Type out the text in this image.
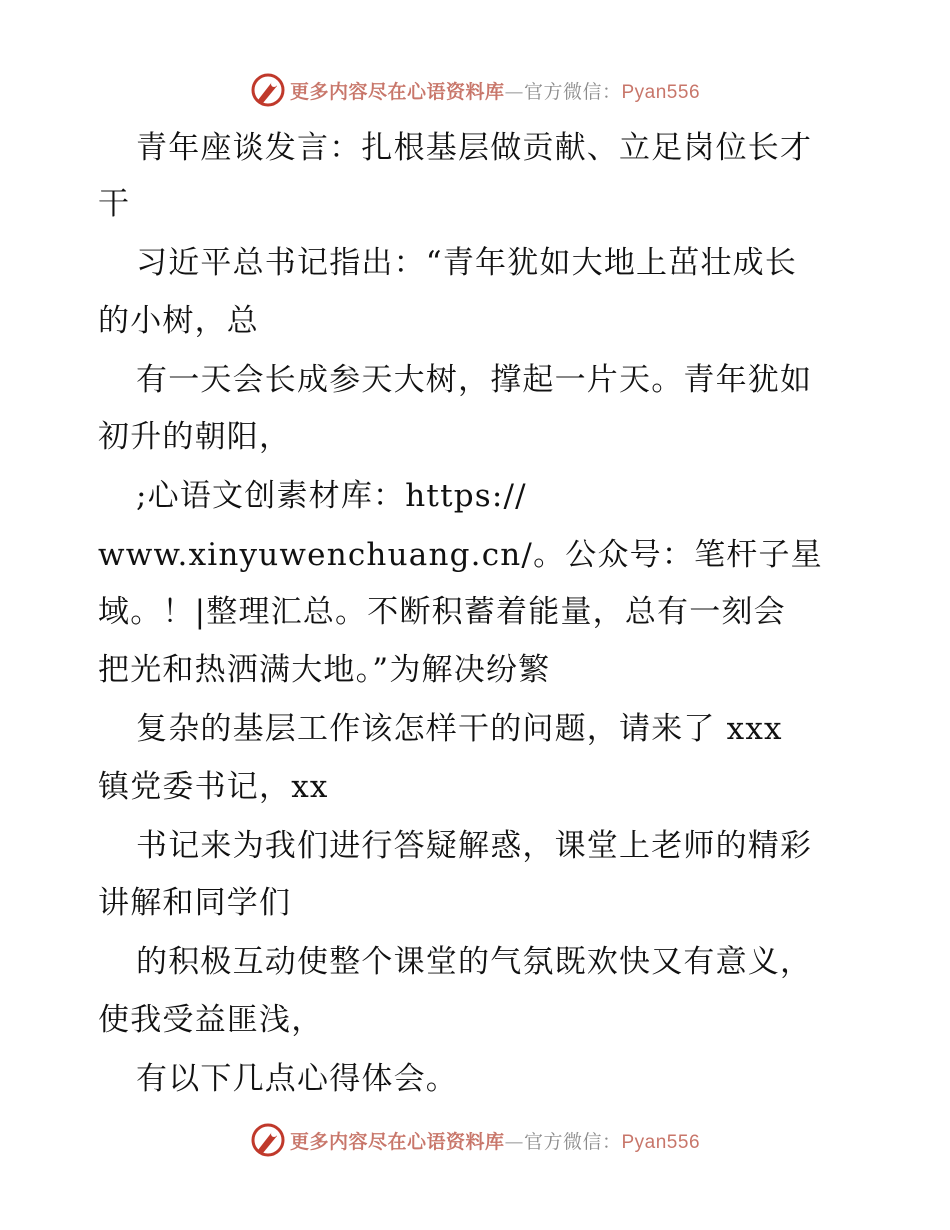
更多内容尽在心语资料库—官方微信：Pyan556
青年座谈发言：扎根基层做贡献、立足岗位长才
干
习近平总书记指出：“青年犹如大地上茁壮成长
的小树，总
有一天会长成参天大树，撑起一片天。青年犹如
初升的朝阳，
;心语文创素材库：https://
www.xinyuwenchuang.cn/。公众号：笔杆子星
域。！|整理汇总。不断积蓄着能量，总有一刻会
把光和热洒满大地。”为解决纷繁
复杂的基层工作该怎样干的问题，请来了 xxx
镇党委书记，xx
书记来为我们进行答疑解惑，课堂上老师的精彩
讲解和同学们
的积极互动使整个课堂的气氛既欢快又有意义，
使我受益匪浅，
有以下几点心得体会。
更多内容尽在心语资料库—官方微信：Pyan556
